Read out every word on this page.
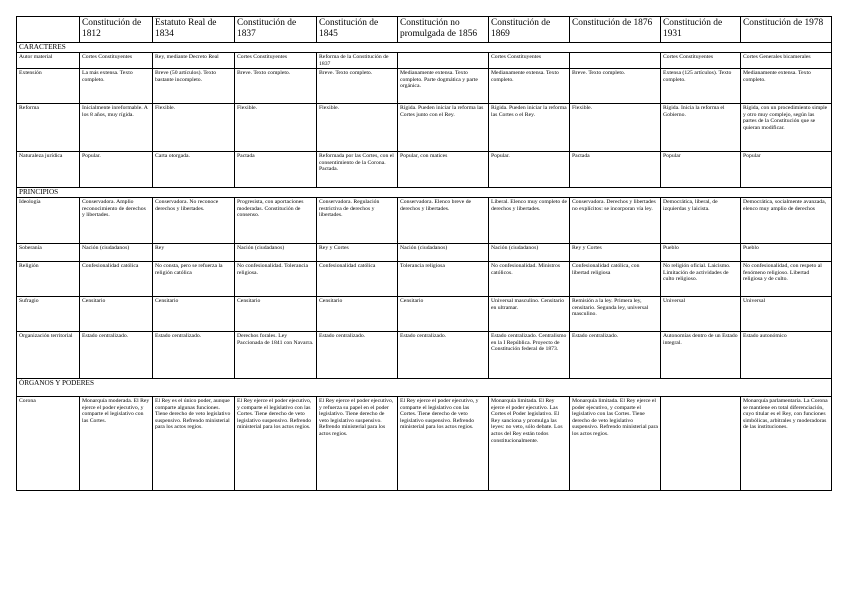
	Constitución de 1812	Estatuto Real de 1834	Constitución de 1837	Constitución de 1845	Constitución no promulgada de 1856	Constitución de 1869	Constitución de 1876	Constitución de 1931	Constitución de 1978
CARACTERES									
Autor material	Cortes Constituyentes	Rey, mediante Decreto Real	Cortes Constituyentes	Reforma de la Constitución de 1837		Cortes Constituyentes		Cortes Constituyentes	Cortes Generales bicamerales
Extensión	La más extensa. Texto completo.	Breve (50 artículos). Texto bastante incompleto.	Breve. Texto completo.	Breve. Texto completo.	Medianamente extensa. Texto completo. Parte dogmática y parte orgánica.	Medianamente extensa. Texto completo.	Breve. Texto completo.	Extensa (125 artículos). Texto completo.	Medianamente extensa. Texto completo.
Reforma	Inicialmente inreformable. A los 8 años, muy rígida.	Flexible.	Flexible.	Flexible.	Rígida. Pueden iniciar la reforma las Cortes junto con el Rey.	Rígida. Pueden iniciar la reforma las Cortes o el Rey.	Flexible.	Rígida. Inicia la reforma el Gobierno.	Rígida, con un procedimiento simple y otro muy complejo, según las partes de la Constitución que se quieran modificar.
Naturaleza jurídica	Popular.	Carta otorgada.	Pactada	Reformada por las Cortes, con el consentimiento de la Corona. Pactada.	Popular, con matices	Popular.	Pactada	Popular	Popular
PRINCIPIOS									
Ideología	Conservadora. Amplio reconocimiento de derechos y libertades.	Conservadora. No reconoce derechos y libertades.	Progresista, con aportaciones moderadas. Constitución de consenso.	Conservadora. Regulación restrictiva de derechos y libertades.	Conservadora. Elenco breve de derechos y libertades.	Liberal. Elenco muy completo de derechos y libertades.	Conservadora. Derechos y libertades no explícitos: se incorporan vía ley.	Democrática, liberal, de izquierdas y laicista.	Democrática, socialmente avanzada, elenco muy amplio de derechos
Soberanía	Nación (ciudadanos)	Rey	Nación (ciudadanos)	Rey y Cortes	Nación (ciudadanos)	Nación (ciudadanos)	Rey y Cortes	Pueblo	Pueblo
Religión	Confesionalidad católica	No consta, pero se refuerza la religión católica	No confesionalidad. Tolerancia religiosa.	Confesionalidad católica	Tolerancia religiosa	No confesionalidad. Ministros católicos.	Confesionalidad católica, con libertad religiosa	No religión oficial. Laicismo. Limitación de actividades de culto religioso.	No confesionalidad, con respeto al fenómeno religioso. Libertad religiosa y de culto.
Sufragio	Censitario	Censitario	Censitario	Censitario	Censitario	Universal masculino. Censitario en ultramar.	Remisión a la ley. Primera ley, censitario. Segunda ley, universal masculino.	Universal	Universal
Organización territorial	Estado centralizado.	Estado centralizado.	Derechos forales. Ley Paccionada de 1841 con Navarra.	Estado centralizado.	Estado centralizado.	Estado centralizado. Centralismo en la I República. Proyecto de Constitución federal de 1873.	Estado centralizado.	Autonomías dentro de un Estado integral.	Estado autonómico
ÓRGANOS Y PODERES									
Corona	Monarquía moderada. El Rey ejerce el poder ejecutivo, y comparte el legislativo con las Cortes.	El Rey es el único poder, aunque comparte algunas funciones. Tiene derecho de veto legislativo suspensivo. Refrendo ministerial para los actos regios.	El Rey ejerce el poder ejecutivo, y comparte el legislativo con las Cortes. Tiene derecho de veto legislativo suspensivo. Refrendo ministerial para los actos regios.	El Rey ejerce el poder ejecutivo, y refuerza su papel en el poder legislativo. Tiene derecho de veto legislativo suspensivo. Refrendo ministerial para los actos regios.	El Rey ejerce el poder ejecutivo, y comparte el legislativo con las Cortes. Tiene derecho de veto legislativo suspensivo. Refrendo ministerial para los actos regios.	Monarquía limitada. El Rey ejerce el poder ejecutivo. Las Cortes el Poder legislativo. El Rey sanciona y promulga las leyes: no veto, sólo debate. Los actos del Rey están todos constitucionalmente.	Monarquía limitada. El Rey ejerce el poder ejecutivo, y comparte el legislativo con las Cortes. Tiene derecho de veto legislativo suspensivo. Refrendo ministerial para los actos regios.		Monarquía parlamentaria. La Corona se mantiene en total diferenciación, cuyo titular es el Rey, con funciones simbólicas, arbitrales y moderadoras de las instituciones.
